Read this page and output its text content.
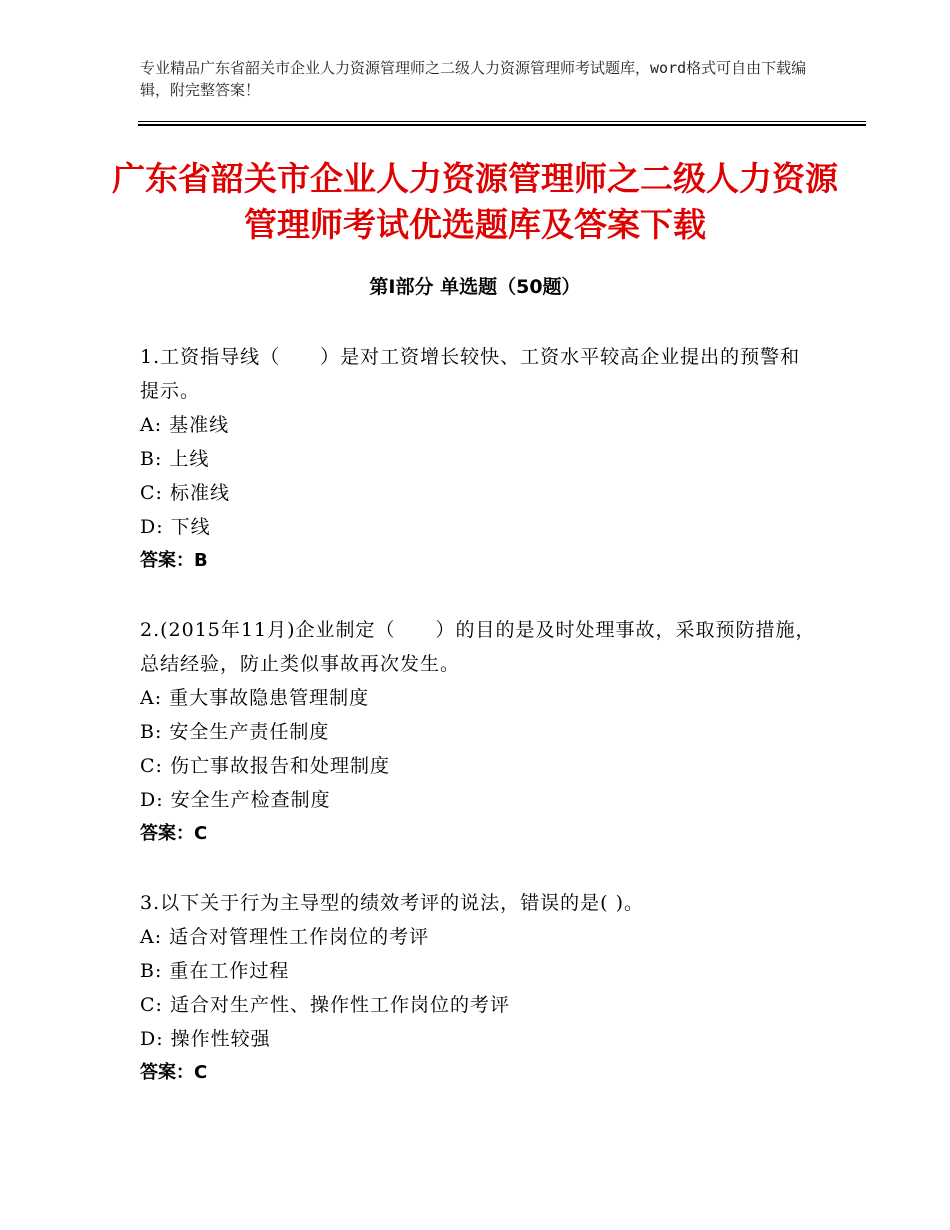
专业精品广东省韶关市企业人力资源管理师之二级人力资源管理师考试题库，word格式可自由下载编辑，附完整答案！
广东省韶关市企业人力资源管理师之二级人力资源管理师考试优选题库及答案下载
第Ⅰ部分 单选题（50题）

1.工资指导线（　　）是对工资增长较快、工资水平较高企业提出的预警和提示。

A: 基准线

B: 上线

C: 标准线

D: 下线

答案：B

2.(2015年11月)企业制定（　　）的目的是及时处理事故，采取预防措施，总结经验，防止类似事故再次发生。

A: 重大事故隐患管理制度

B: 安全生产责任制度

C: 伤亡事故报告和处理制度

D: 安全生产检查制度

答案：C

3.以下关于行为主导型的绩效考评的说法，错误的是( )。

A: 适合对管理性工作岗位的考评

B: 重在工作过程

C: 适合对生产性、操作性工作岗位的考评

D: 操作性较强

答案：C
